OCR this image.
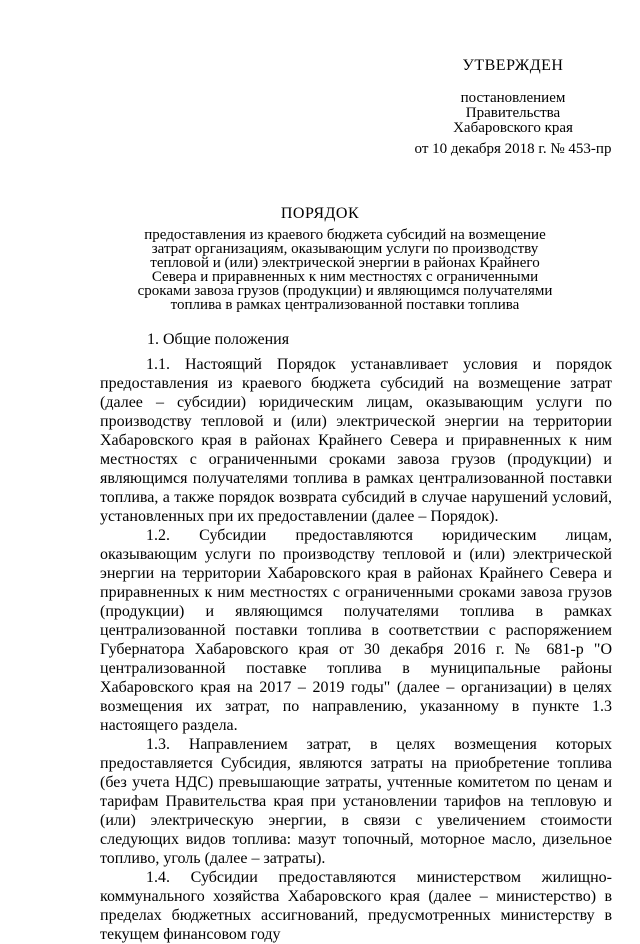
УТВЕРЖДЕН
постановлением
Правительства
Хабаровского края
от 10 декабря 2018 г. № 453-пр
ПОРЯДОК
предоставления из краевого бюджета субсидий на возмещение затрат организациям, оказывающим услуги по производству тепловой и (или) электрической энергии в районах Крайнего Севера и приравненных к ним местностях с ограниченными сроками завоза грузов (продукции) и являющимся получателями топлива в рамках централизованной поставки топлива
1. Общие положения

1.1. Настоящий Порядок устанавливает условия и порядок предоставления из краевого бюджета субсидий на возмещение затрат (далее – субсидии) юридическим лицам, оказывающим услуги по производству тепловой и (или) электрической энергии на территории Хабаровского края в районах Крайнего Севера и приравненных к ним местностях с ограниченными сроками завоза грузов (продукции) и являющимся получателями топлива в рамках централизованной поставки топлива, а также порядок возврата субсидий в случае нарушений условий, установленных при их предоставлении (далее – Порядок).

1.2. Субсидии предоставляются юридическим лицам, оказывающим услуги по производству тепловой и (или) электрической энергии на территории Хабаровского края в районах Крайнего Севера и приравненных к ним местностях с ограниченными сроками завоза грузов (продукции) и являющимся получателями топлива в рамках централизованной поставки топлива в соответствии с распоряжением Губернатора Хабаровского края от 30 декабря 2016 г. № 681-р "О централизованной поставке топлива в муниципальные районы Хабаровского края на 2017 – 2019 годы" (далее – организации) в целях возмещения их затрат, по направлению, указанному в пункте 1.3 настоящего раздела.

1.3. Направлением затрат, в целях возмещения которых предоставляется Субсидия, являются затраты на приобретение топлива (без учета НДС) превышающие затраты, учтенные комитетом по ценам и тарифам Правительства края при установлении тарифов на тепловую и (или) электрическую энергии, в связи с увеличением стоимости следующих видов топлива: мазут топочный, моторное масло, дизельное топливо, уголь (далее – затраты).

1.4. Субсидии предоставляются министерством жилищно-коммунального хозяйства Хабаровского края (далее – министерство) в пределах бюджетных ассигнований, предусмотренных министерству в текущем финансовом году
